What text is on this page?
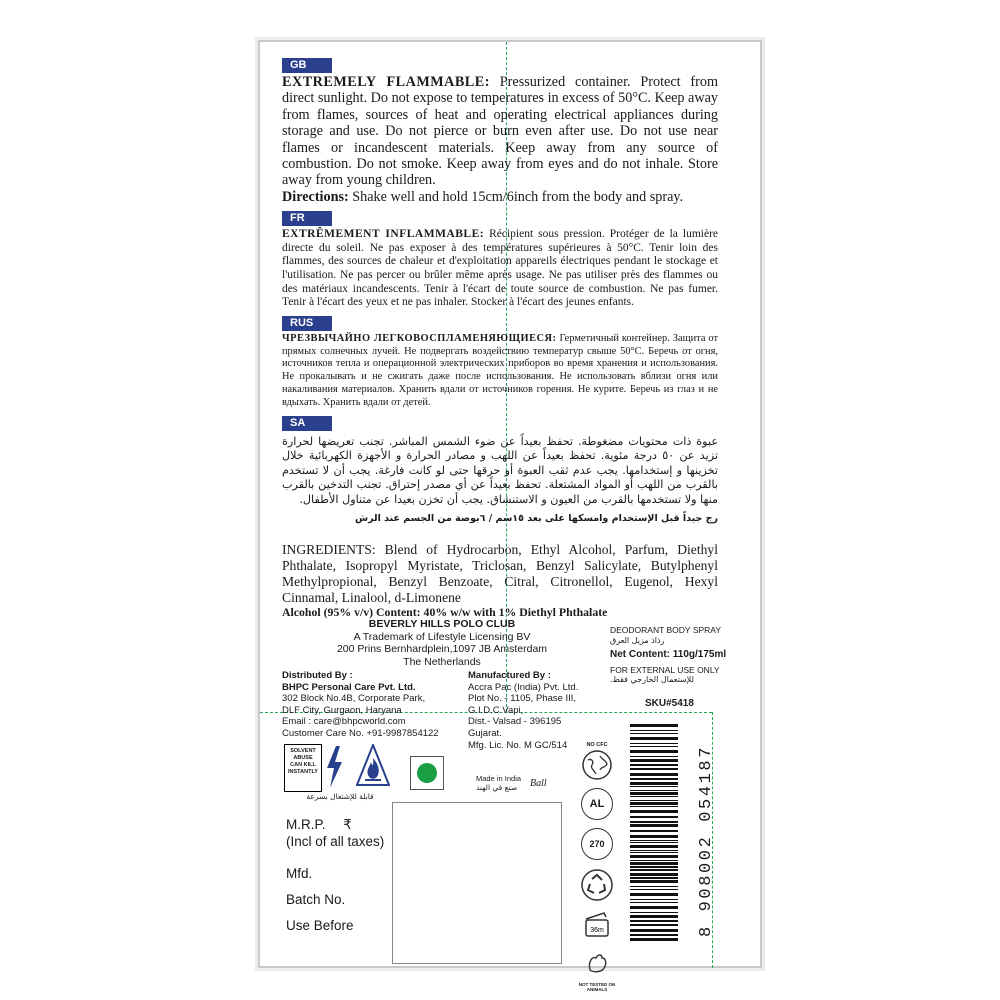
GB
EXTREMELY FLAMMABLE: Pressurized container. Protect from direct sunlight. Do not expose to temperatures in excess of 50°C. Keep away from flames, sources of heat and operating electrical appliances during storage and use. Do not pierce or burn even after use. Do not use near flames or incandescent materials. Keep away from any source of combustion. Do not smoke. Keep away from eyes and do not inhale. Store away from young children.
Directions: Shake well and hold 15cm/6inch from the body and spray.
FR
EXTRÊMEMENT INFLAMMABLE: Récipient sous pression. Protéger de la lumière directe du soleil. Ne pas exposer à des températures supérieures à 50°C. Tenir loin des flammes, des sources de chaleur et d'exploitation appareils électriques pendant le stockage et l'utilisation. Ne pas percer ou brûler même après usage. Ne pas utiliser près des flammes ou des matériaux incandescents. Tenir à l'écart de toute source de combustion. Ne pas fumer. Tenir à l'écart des yeux et ne pas inhaler. Stocker à l'écart des jeunes enfants.
RUS
ЧРЕЗВЫЧАЙНО ЛЕГКОВОСПЛАМЕНЯЮЩИЕСЯ: Герметичный контейнер. Защита от прямых солнечных лучей. Не подвергать воздействию температур свыше 50°C. Беречь от огня, источников тепла и операционной электрических приборов во время хранения и использования. Не прокалывать и не сжигать даже после использования. Не использовать вблизи огня или накаливания материалов. Хранить вдали от источников горения. Не курите. Беречь из глаз и не вдыхать. Хранить вдали от детей.
SA
عبوة ذات محتويات مضغوطة. تحفظ بعيداً عن ضوء الشمس المباشر. تجنب تعريضها لحرارة تزيد عن ٥٠ درجة مئوية. تحفظ بعيداً عن اللهب و مصادر الحرارة و الأجهزة الكهربائية خلال تخزينها و إستخدامها. يجب عدم ثقب العبوة أو حرقها حتى لو كانت فارغة. يجب أن لا تستخدم بالقرب من اللهب أو المواد المشتعلة. تحفظ بعيداً عن أي مصدر إحتراق. تجنب التدخين بالقرب منها ولا تستخدمها بالقرب من العيون و الاستنشاق. يجب أن تخزن بعيدا عن متناول الأطفال.
رج جيداً قبل الإستخدام وامسكها على بعد ١٥سم / ٦بوصة من الجسم عند الرش
INGREDIENTS: Blend of Hydrocarbon, Ethyl Alcohol, Parfum, Diethyl Phthalate, Isopropyl Myristate, Triclosan, Benzyl Salicylate, Butylphenyl Methylpropional, Benzyl Benzoate, Citral, Citronellol, Eugenol, Hexyl Cinnamal, Linalool, d-Limonene
Alcohol (95% v/v) Content: 40% w/w with 1% Diethyl Phthalate
BEVERLY HILLS POLO CLUB
A Trademark of Lifestyle Licensing BV
200 Prins Bernhardplein,1097 JB Amsterdam
The Netherlands
DEODORANT BODY SPRAY
رذاذ مزيل العرق
Net Content: 110g/175ml
FOR EXTERNAL USE ONLY
للإستعمال الخارجي فقط.
SKU#5418
Distributed By :
BHPC Personal Care Pvt. Ltd.
302 Block No.4B, Corporate Park,
DLF City, Gurgaon, Haryana
Email : care@bhpcworld.com
Customer Care No. +91-9987854122
Manufactured By :
Accra Pac (India) Pvt. Ltd.
Plot No. - 1105, Phase III,
G.I.D.C Vapi,
Dist.- Valsad - 396195
Gujarat.
Mfg. Lic. No. M GC/514
SOLVENT
ABUSE
CAN KILL
INSTANTLY
قابلة للإشتعال بسرعة
Made in India
صنع في الهند	Ball
M.R.P. ₹
(Incl of all taxes)
Mfd.
Batch No.
Use Before
NO CFC
AL
270
36m
NOT TESTED ON ANIMALS
8 908002 054187
